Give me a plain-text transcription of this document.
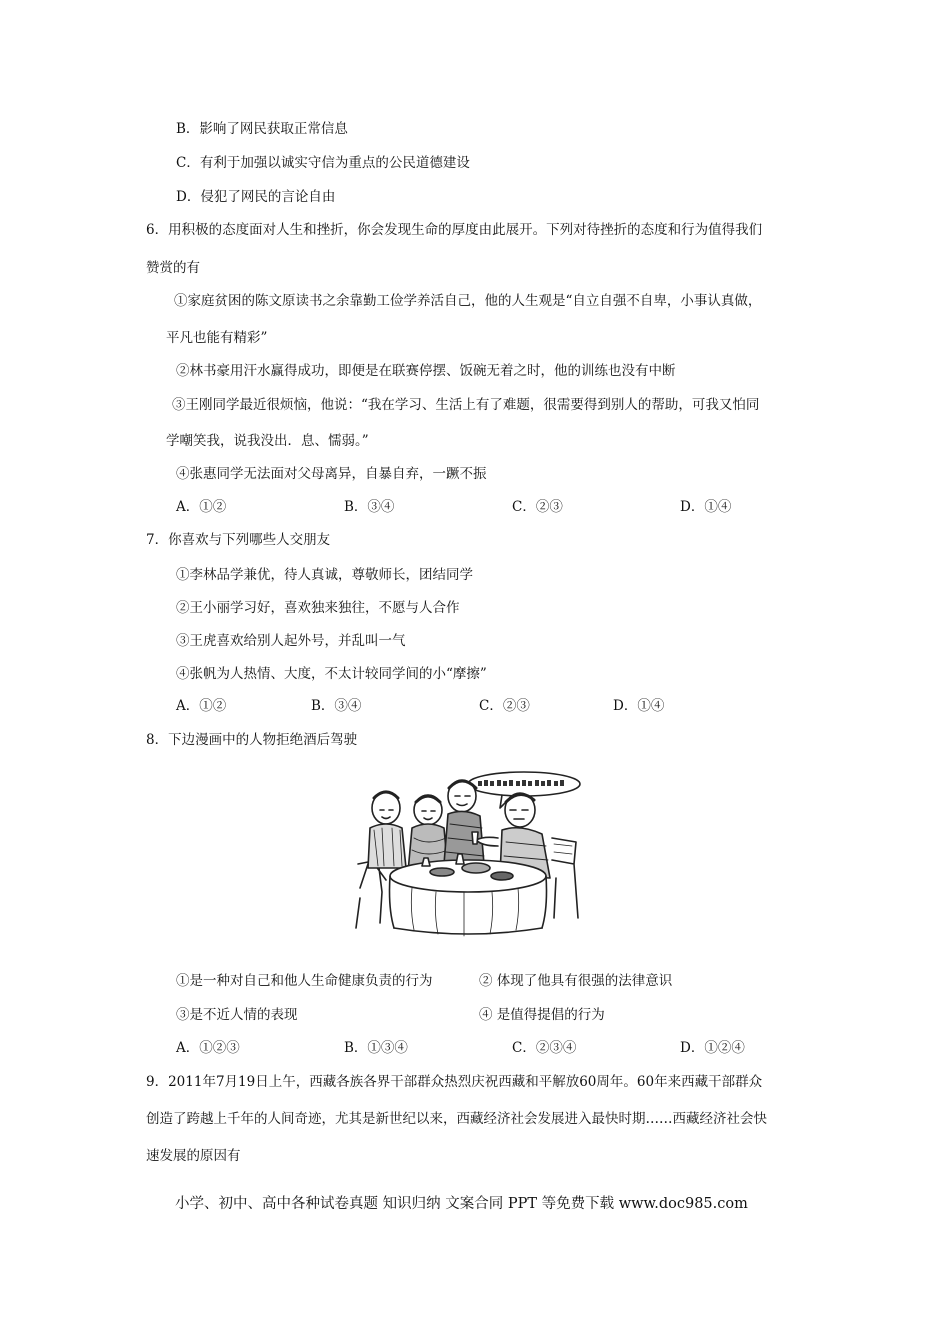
B．影响了网民获取正常信息
C．有利于加强以诚实守信为重点的公民道德建设
D．侵犯了网民的言论自由
6．用积极的态度面对人生和挫折，你会发现生命的厚度由此展开。下列对待挫折的态度和行为值得我们
赞赏的有
①家庭贫困的陈文原读书之余靠勤工俭学养活自己，他的人生观是“自立自强不自卑，小事认真做，
平凡也能有精彩”
②林书豪用汗水赢得成功，即便是在联赛停摆、饭碗无着之时，他的训练也没有中断
③王刚同学最近很烦恼，他说：“我在学习、生活上有了难题，很需要得到别人的帮助，可我又怕同
学嘲笑我，说我没出．息、懦弱。”
④张惠同学无法面对父母离异，自暴自弃，一蹶不振
A．①②	B．③④	C．②③	D．①④
7．你喜欢与下列哪些人交朋友
①李林品学兼优，待人真诚，尊敬师长，团结同学
②王小丽学习好，喜欢独来独往，不愿与人合作
③王虎喜欢给别人起外号，并乱叫一气
④张帆为人热情、大度，不太计较同学间的小“摩擦”
A．①②	B．③④	C．②③	D．①④
8．下边漫画中的人物拒绝酒后驾驶
①是一种对自己和他人生命健康负责的行为	② 体现了他具有很强的法律意识
③是不近人情的表现	④ 是值得提倡的行为
A．①②③	B．①③④	C．②③④	D．①②④
9．2011年7月19日上午，西藏各族各界干部群众热烈庆祝西藏和平解放60周年。60年来西藏干部群众
创造了跨越上千年的人间奇迹，尤其是新世纪以来，西藏经济社会发展进入最快时期……西藏经济社会快
速发展的原因有
小学、初中、高中各种试卷真题 知识归纳 文案合同 PPT 等免费下载 www.doc985.com
